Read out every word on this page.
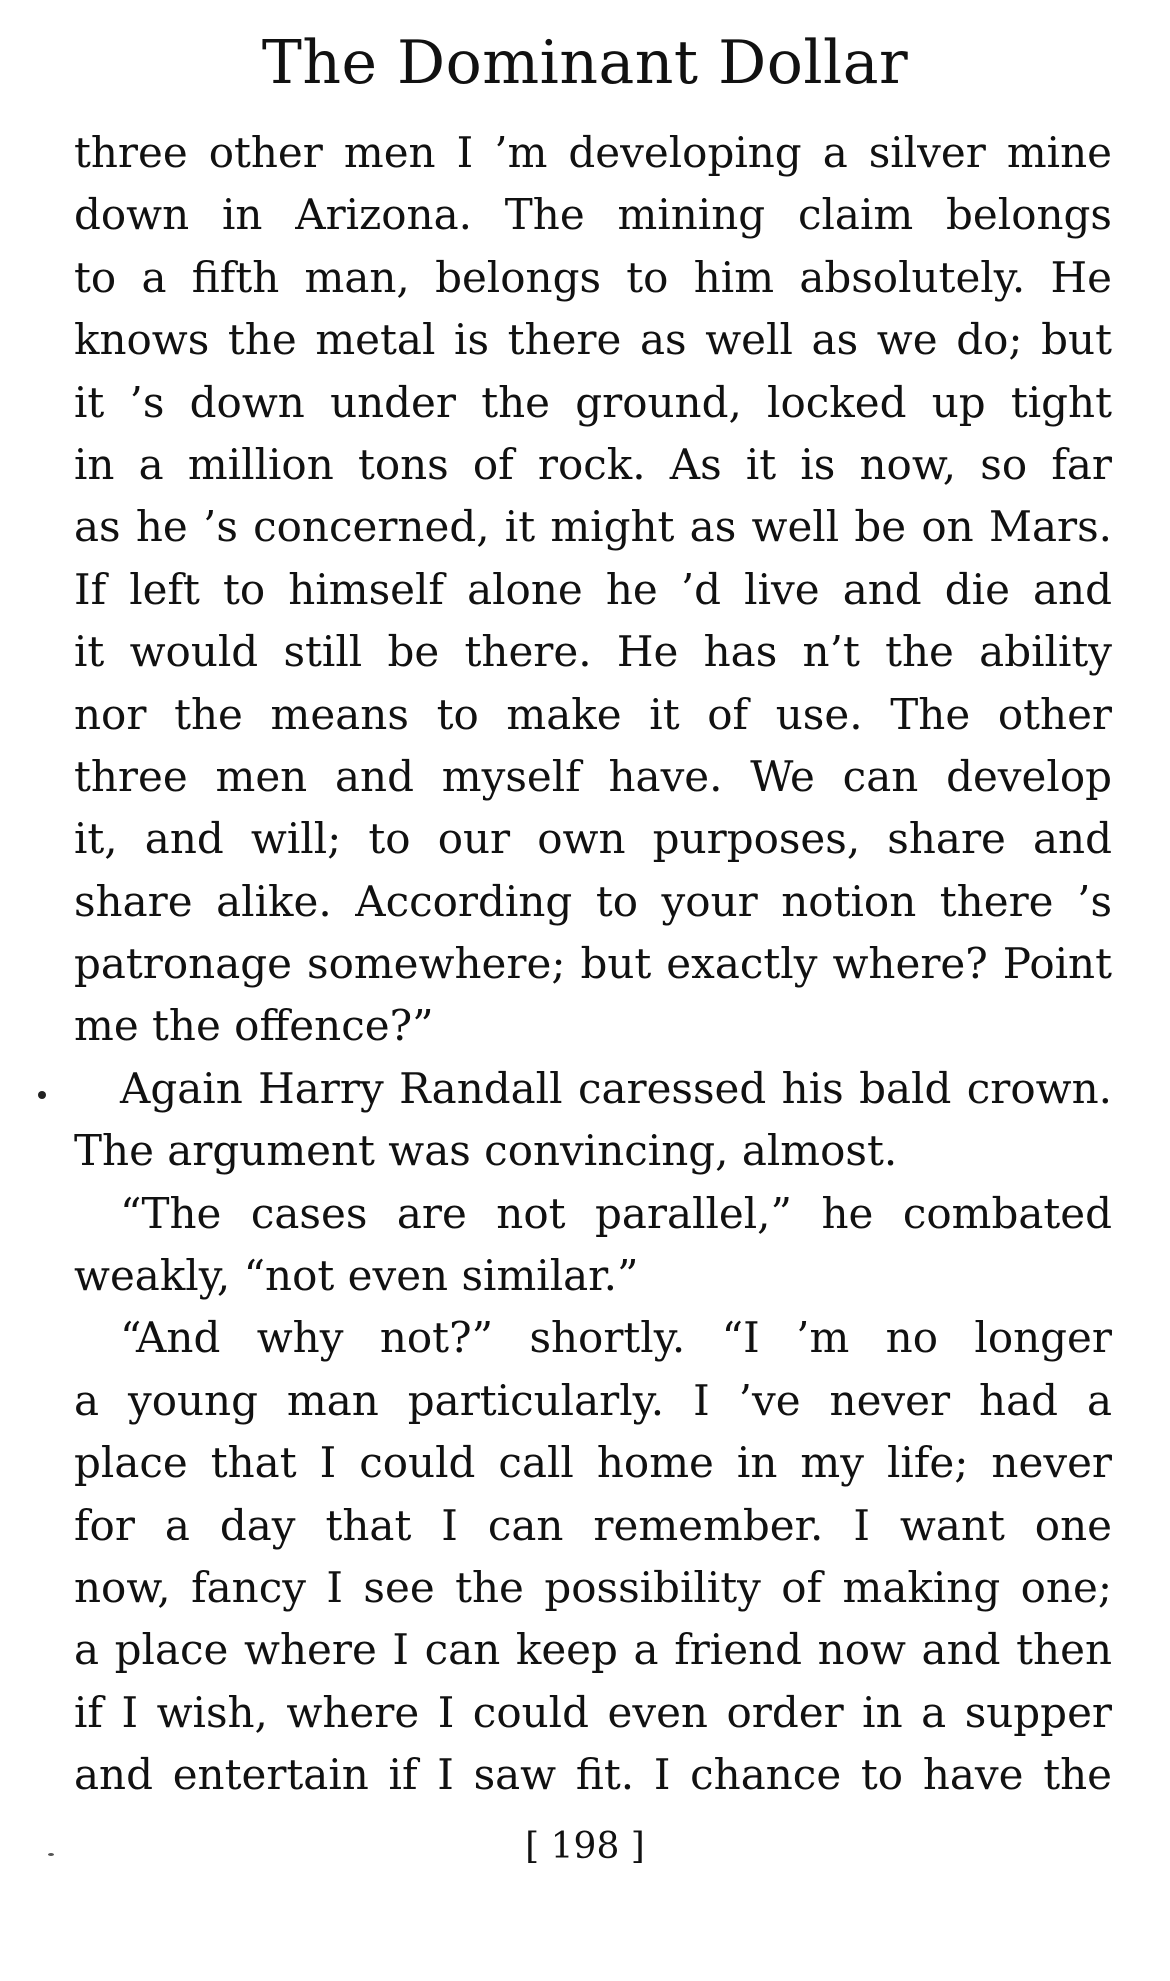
The Dominant Dollar
three other men I ’m developing a silver mine
down in Arizona. The mining claim belongs
to a fifth man, belongs to him absolutely. He
knows the metal is there as well as we do; but
it ’s down under the ground, locked up tight
in a million tons of rock. As it is now, so far
as he ’s concerned, it might as well be on Mars.
If left to himself alone he ’d live and die and
it would still be there. He has n’t the ability
nor the means to make it of use. The other
three men and myself have. We can develop
it, and will; to our own purposes, share and
share alike. According to your notion there ’s
patronage somewhere; but exactly where? Point
me the offence?”
Again Harry Randall caressed his bald crown.
The argument was convincing, almost.
“The cases are not parallel,” he combated
weakly, “not even similar.”
“And why not?” shortly. “I ’m no longer
a young man particularly. I ’ve never had a
place that I could call home in my life; never
for a day that I can remember. I want one
now, fancy I see the possibility of making one;
a place where I can keep a friend now and then
if I wish, where I could even order in a supper
and entertain if I saw fit. I chance to have the
[ 198 ]
